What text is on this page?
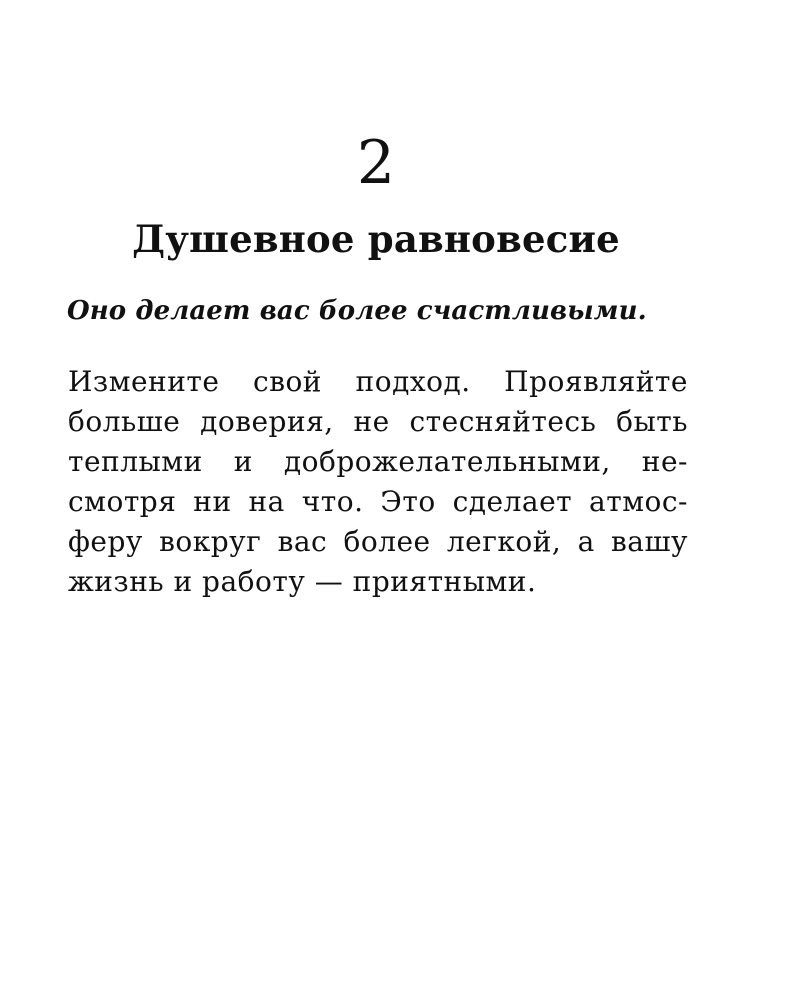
2
Душевное равновесие
Оно делает вас более счастливыми.
Измените свой подход. Проявляйте
больше доверия, не стесняйтесь быть
теплыми и доброжелательными, не-
смотря ни на что. Это сделает атмос-
феру вокруг вас более легкой, а вашу
жизнь и работу — приятными.
